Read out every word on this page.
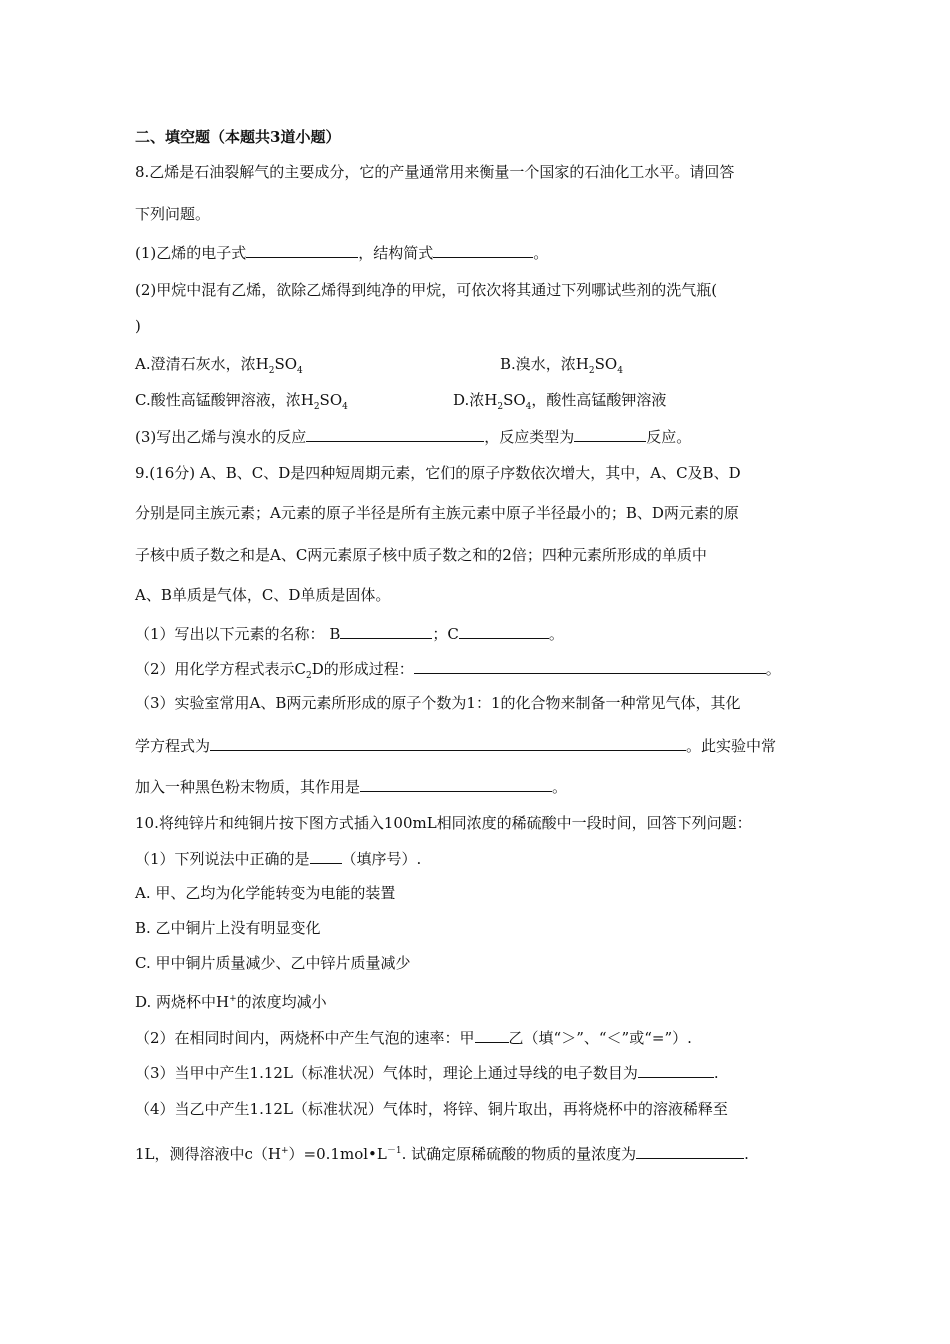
二、填空题（本题共3道小题）
8.乙烯是石油裂解气的主要成分，它的产量通常用来衡量一个国家的石油化工水平。请回答
下列问题。
(1)乙烯的电子式	，结构简式	。
(2)甲烷中混有乙烯，欲除乙烯得到纯净的甲烷，可依次将其通过下列哪试些剂的洗气瓶(
)
A.澄清石灰水，浓$H_2SO_4$	B.溴水，浓$H_2SO_4$
C.酸性高锰酸钾溶液，浓$H_2SO_4$	D.浓$H_2SO_4$，酸性高锰酸钾溶液
(3)写出乙烯与溴水的反应	，反应类型为	反应。
9.(16分) A、B、C、D是四种短周期元素，它们的原子序数依次增大，其中，A、C及B、D
分别是同主族元素；A元素的原子半径是所有主族元素中原子半径最小的；B、D两元素的原
子核中质子数之和是A、C两元素原子核中质子数之和的2倍；四种元素所形成的单质中
A、B单质是气体，C、D单质是固体。
（1）写出以下元素的名称： B	；C	。
（2）用化学方程式表示$C_2D$的形成过程：	。
（3）实验室常用A、B两元素所形成的原子个数为1：1的化合物来制备一种常见气体，其化
学方程式为	。此实验中常
加入一种黑色粉末物质，其作用是	。
10.将纯锌片和纯铜片按下图方式插入100mL相同浓度的稀硫酸中一段时间，回答下列问题：
（1）下列说法中正确的是 （填序号）.
A. 甲、乙均为化学能转变为电能的装置
B. 乙中铜片上没有明显变化
C. 甲中铜片质量减少、乙中锌片质量减少
D. 两烧杯中H+的浓度均减小
（2）在相同时间内，两烧杯中产生气泡的速率：甲 乙（填“＞”、“＜”或“=”）.
（3）当甲中产生1.12L（标准状况）气体时，理论上通过导线的电子数目为	.
（4）当乙中产生1.12L（标准状况）气体时，将锌、铜片取出，再将烧杯中的溶液稀释至
1L，测得溶液中$c(H^+)=0.1mol•L^{-1}$. 试确定原稀硫酸的物质的量浓度为	.
